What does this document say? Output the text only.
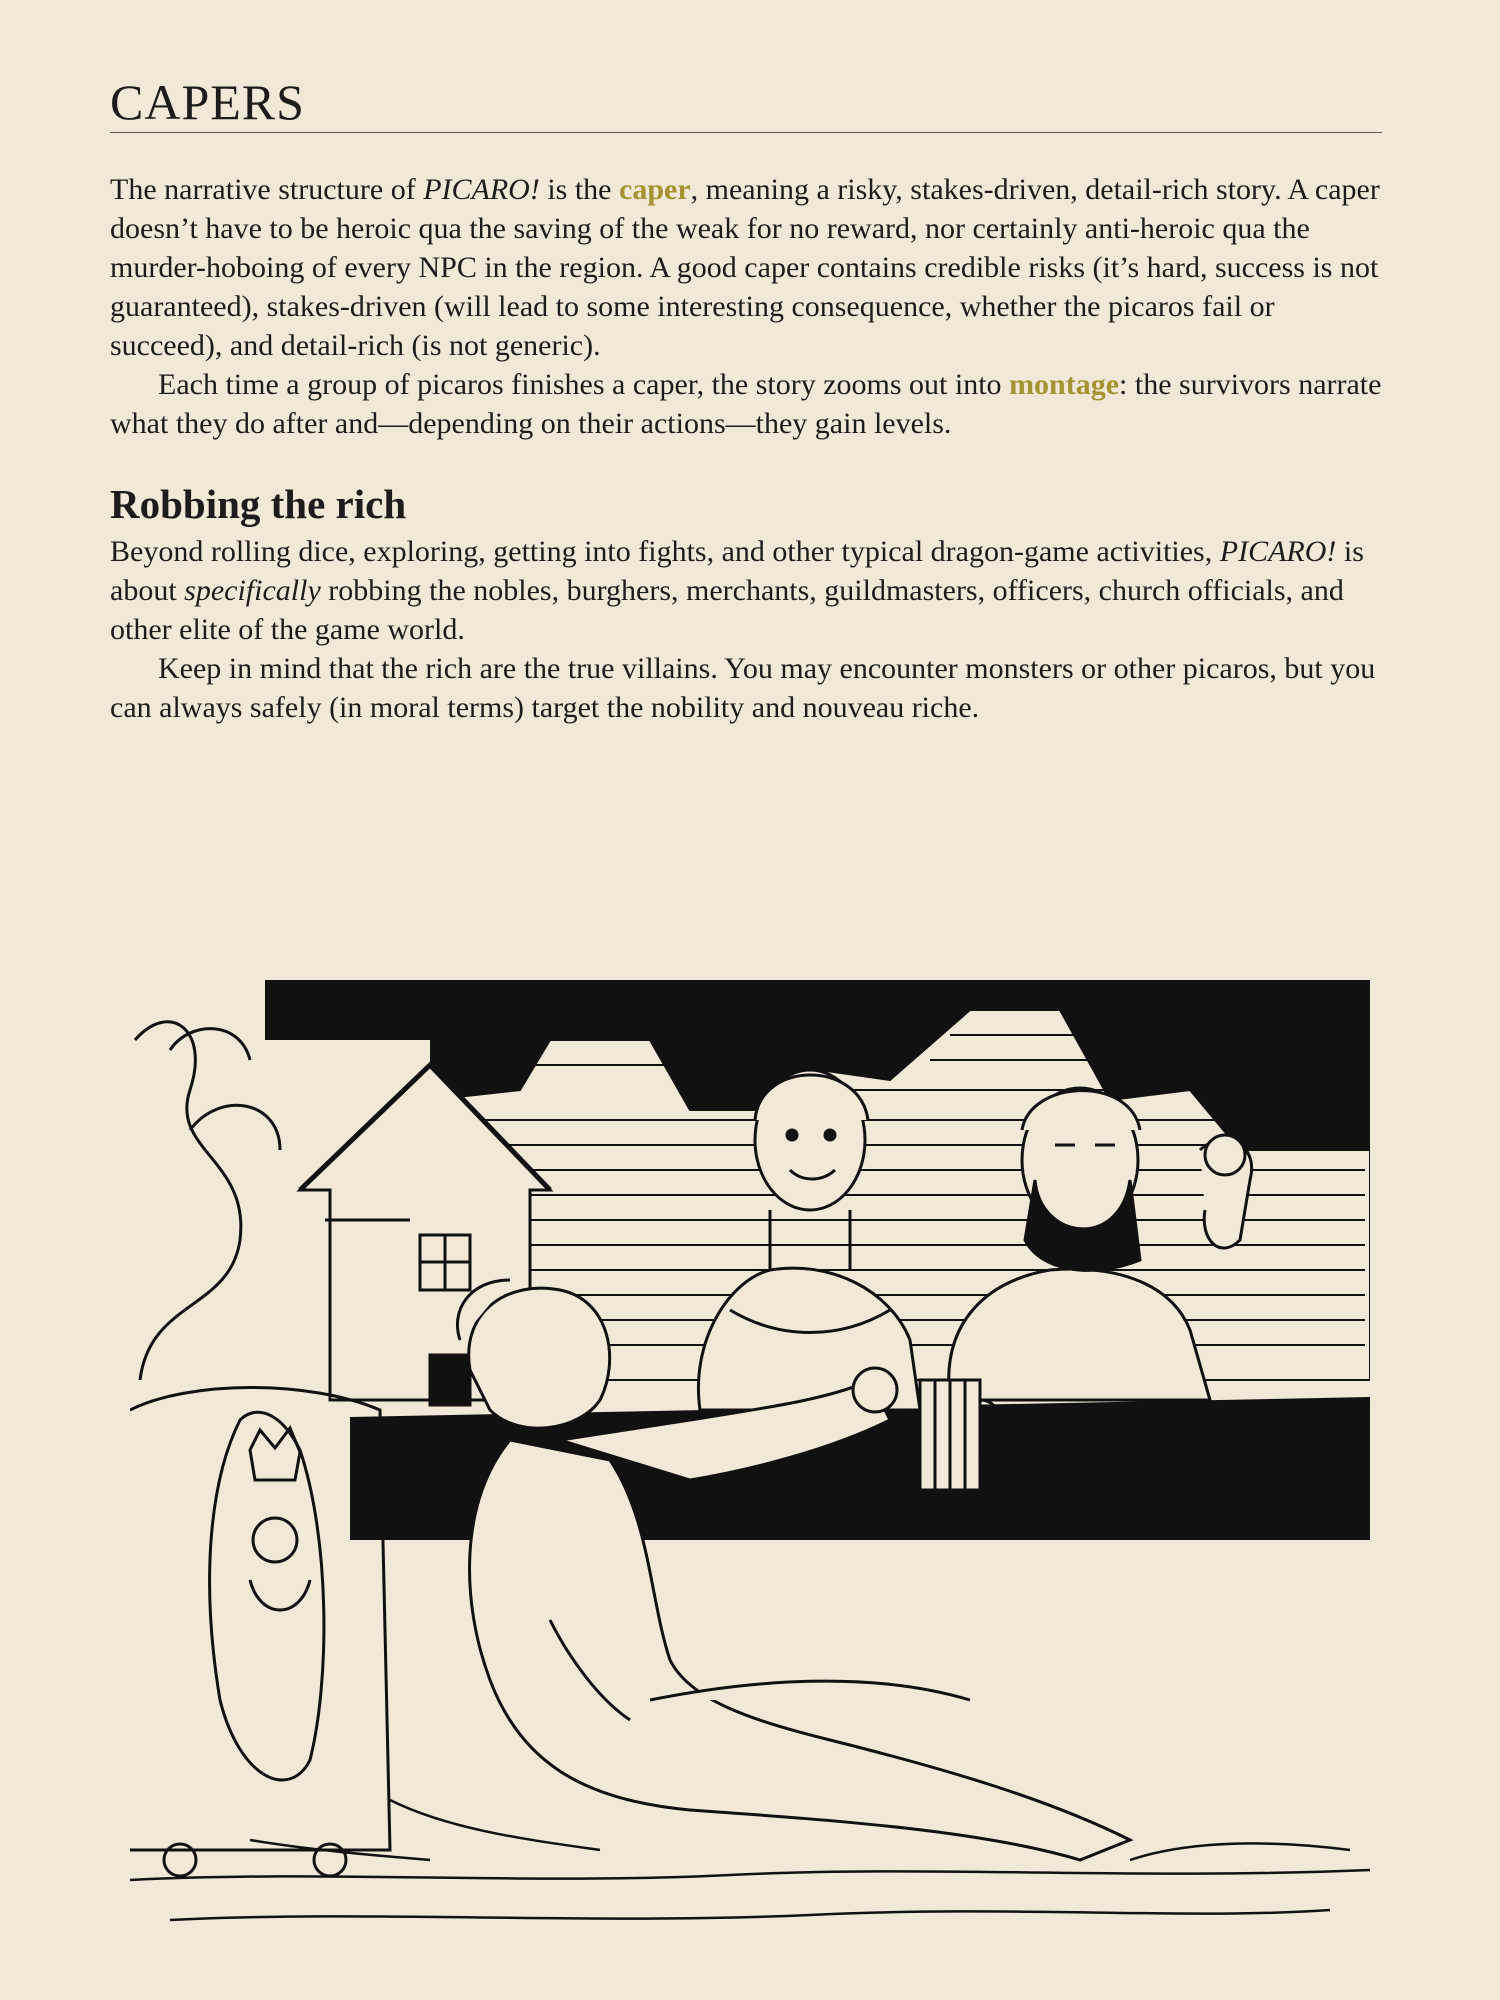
CAPERS

The narrative structure of PICARO! is the caper, meaning a risky, stakes-driven, detail-rich story. A caper doesn’t have to be heroic qua the saving of the weak for no reward, nor certainly anti-heroic qua the murder-hoboing of every NPC in the region. A good caper contains credible risks (it’s hard, success is not guaranteed), stakes-driven (will lead to some interesting consequence, whether the picaros fail or succeed), and detail-rich (is not generic).

Each time a group of picaros finishes a caper, the story zooms out into montage: the survivors narrate what they do after and—depending on their actions—they gain levels.

Robbing the rich

Beyond rolling dice, exploring, getting into fights, and other typical dragon-game activities, PICARO! is about specifically robbing the nobles, burghers, merchants, guildmasters, officers, church officials, and other elite of the game world.

Keep in mind that the rich are the true villains. You may encounter monsters or other picaros, but you can always safely (in moral terms) target the nobility and nouveau riche.
